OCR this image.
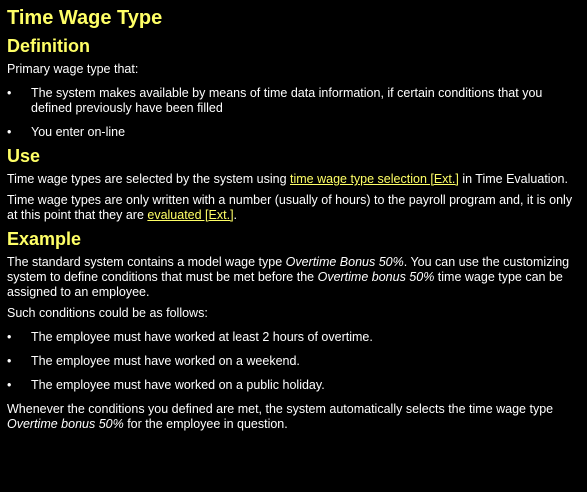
Time Wage Type
Definition

Primary wage type that:

• The system makes available by means of time data information, if certain conditions that you defined previously have been filled
• You enter on-line
Use

Time wage types are selected by the system using time wage type selection [Ext.] in Time Evaluation.

Time wage types are only written with a number (usually of hours) to the payroll program and, it is only at this point that they are evaluated [Ext.].

Example

The standard system contains a model wage type Overtime Bonus 50%. You can use the customizing system to define conditions that must be met before the Overtime bonus 50% time wage type can be assigned to an employee.

Such conditions could be as follows:

• The employee must have worked at least 2 hours of overtime.
• The employee must have worked on a weekend.
• The employee must have worked on a public holiday.

Whenever the conditions you defined are met, the system automatically selects the time wage type Overtime bonus 50% for the employee in question.
